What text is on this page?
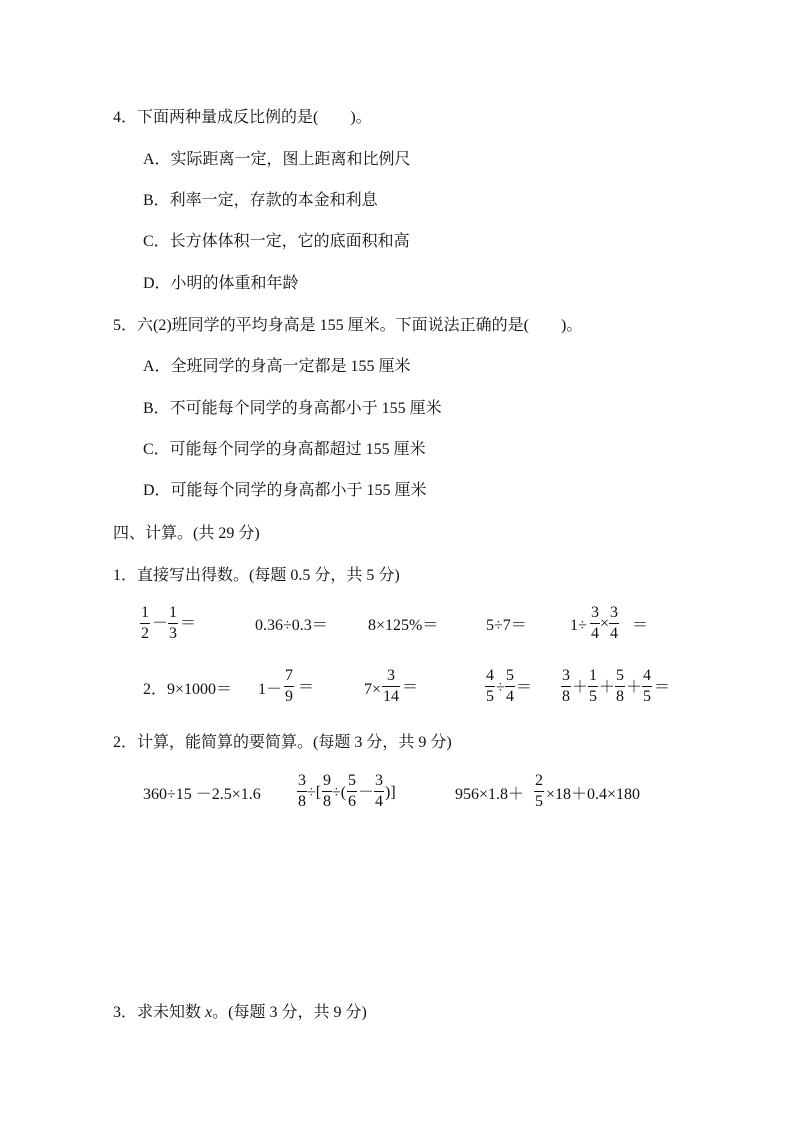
4．下面两种量成反比例的是(　　)。
A．实际距离一定，图上距离和比例尺
B．利率一定，存款的本金和利息
C．长方体体积一定，它的底面积和高
D．小明的体重和年龄
5．六(2)班同学的平均身高是 155 厘米。下面说法正确的是(　　)。
A．全班同学的身高一定都是 155 厘米
B．不可能每个同学的身高都小于 155 厘米
C．可能每个同学的身高都超过 155 厘米
D．可能每个同学的身高都小于 155 厘米
四、计算。(共 29 分)
1．直接写出得数。(每题 0.5 分，共 5 分)
1
2
－
1
3
＝	0.36÷0.3＝	8×125%＝	5÷7＝	1÷
3
4
×
3
4 ＝
2．9×1000＝ 1－
7
9
＝	7×
3
14
＝
4
5
÷
5
4
＝
3
8
＋
1
5
＋
5
8
＋
4
5
＝
2．计算，能简算的要简算。(每题 3 分，共 9 分)
360÷15 －2.5×1.6
3
8
÷[
9
8
÷(
5
6
－
3
4
)]	956×1.8＋
2
5 ×18＋0.4×180
3．求未知数 x。(每题 3 分，共 9 分)
